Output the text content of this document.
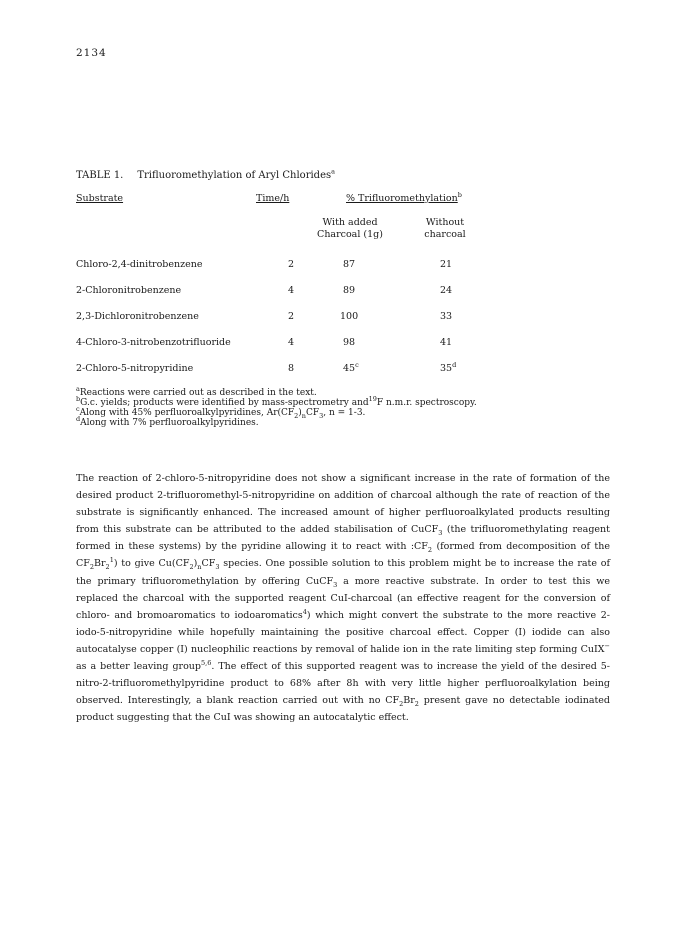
2134
TABLE 1. Trifluoromethylation of Aryl Chlorides$^a$
Substrate	Time/h	% Trifluoromethylation$^b$
With added
Charcoal (1g)
Without
charcoal
Chloro-2,4-dinitrobenzene	2	87	21
2-Chloronitrobenzene	4	89	24
2,3-Dichloronitrobenzene	2	100	33
4-Chloro-3-nitrobenzotrifluoride	4	98	41
2-Chloro-5-nitropyridine	8	45$^c$	35$^d$
$^a$Reactions were carried out as described in the text.
$^b$G.c. yields; products were identified by mass-spectrometry and$^{19}$F n.m.r. spectroscopy.
$^c$Along with 45% perfluoroalkylpyridines, $Ar(CF_2)_nCF_3$, n = 1-3.
$^d$Along with 7% perfluoroalkylpyridines.
The reaction of 2-chloro-5-nitropyridine does not show a significant increase in the rate of formation of the desired product 2-trifluoromethyl-5-nitropyridine on addition of charcoal although the rate of reaction of the substrate is significantly enhanced. The increased amount of higher perfluoroalkylated products resulting from this substrate can be attributed to the added stabilisation of CuCF$_3$ (the trifluoromethylating reagent formed in these systems) by the pyridine allowing it to react with $:CF_2$ (formed from decomposition of the $CF_2Br_2^1$) to give $Cu(CF_2)_nCF_3$ species. One possible solution to this problem might be to increase the rate of the primary trifluoromethylation by offering CuCF$_3$ a more reactive substrate. In order to test this we replaced the charcoal with the supported reagent CuI-charcoal (an effective reagent for the conversion of chloro- and bromoaromatics to iodoaromatics$^4$) which might convert the substrate to the more reactive 2-iodo-5-nitropyridine while hopefully maintaining the positive charcoal effect. Copper (I) iodide can also autocatalyse copper (I) nucleophilic reactions by removal of halide ion in the rate limiting step forming CuIX− as a better leaving group$^{5,6}$. The effect of this supported reagent was to increase the yield of the desired 5-nitro-2-trifluoromethylpyridine product to 68% after 8h with very little higher perfluoroalkylation being observed. Interestingly, a blank reaction carried out with no $CF_2Br_2$ present gave no detectable iodinated product suggesting that the CuI was showing an autocatalytic effect.
